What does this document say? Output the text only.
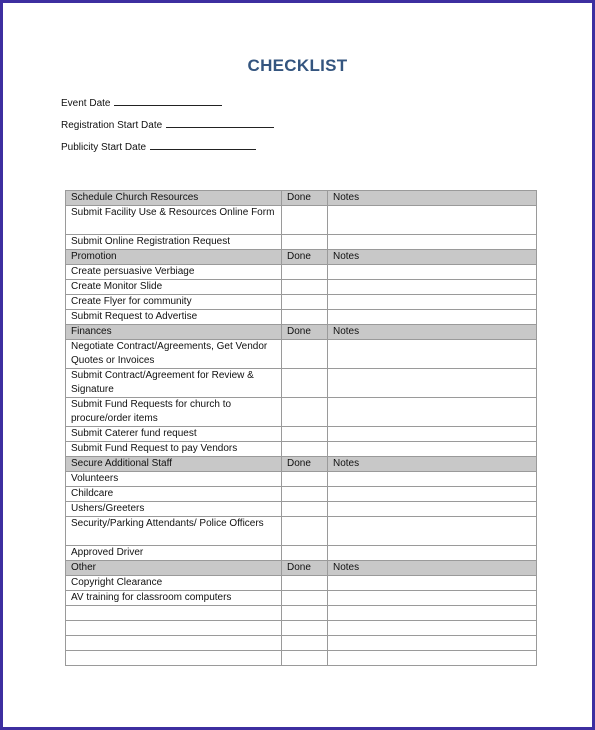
CHECKLIST
Event Date
Registration Start Date
Publicity Start Date
Schedule Church Resources	Done	Notes
Submit Facility Use & Resources Online Form		
Submit Online Registration Request		
Promotion	Done	Notes
Create persuasive Verbiage		
Create Monitor Slide		
Create Flyer for community		
Submit Request to Advertise		
Finances	Done	Notes
Negotiate Contract/Agreements, Get Vendor Quotes or Invoices		
Submit Contract/Agreement for Review & Signature		
Submit Fund Requests for church to procure/order items		
Submit Caterer fund request		
Submit Fund Request to pay Vendors		
Secure Additional Staff	Done	Notes
Volunteers		
Childcare		
Ushers/Greeters		
Security/Parking Attendants/ Police Officers		
Approved Driver		
Other	Done	Notes
Copyright Clearance		
AV training for classroom computers		
